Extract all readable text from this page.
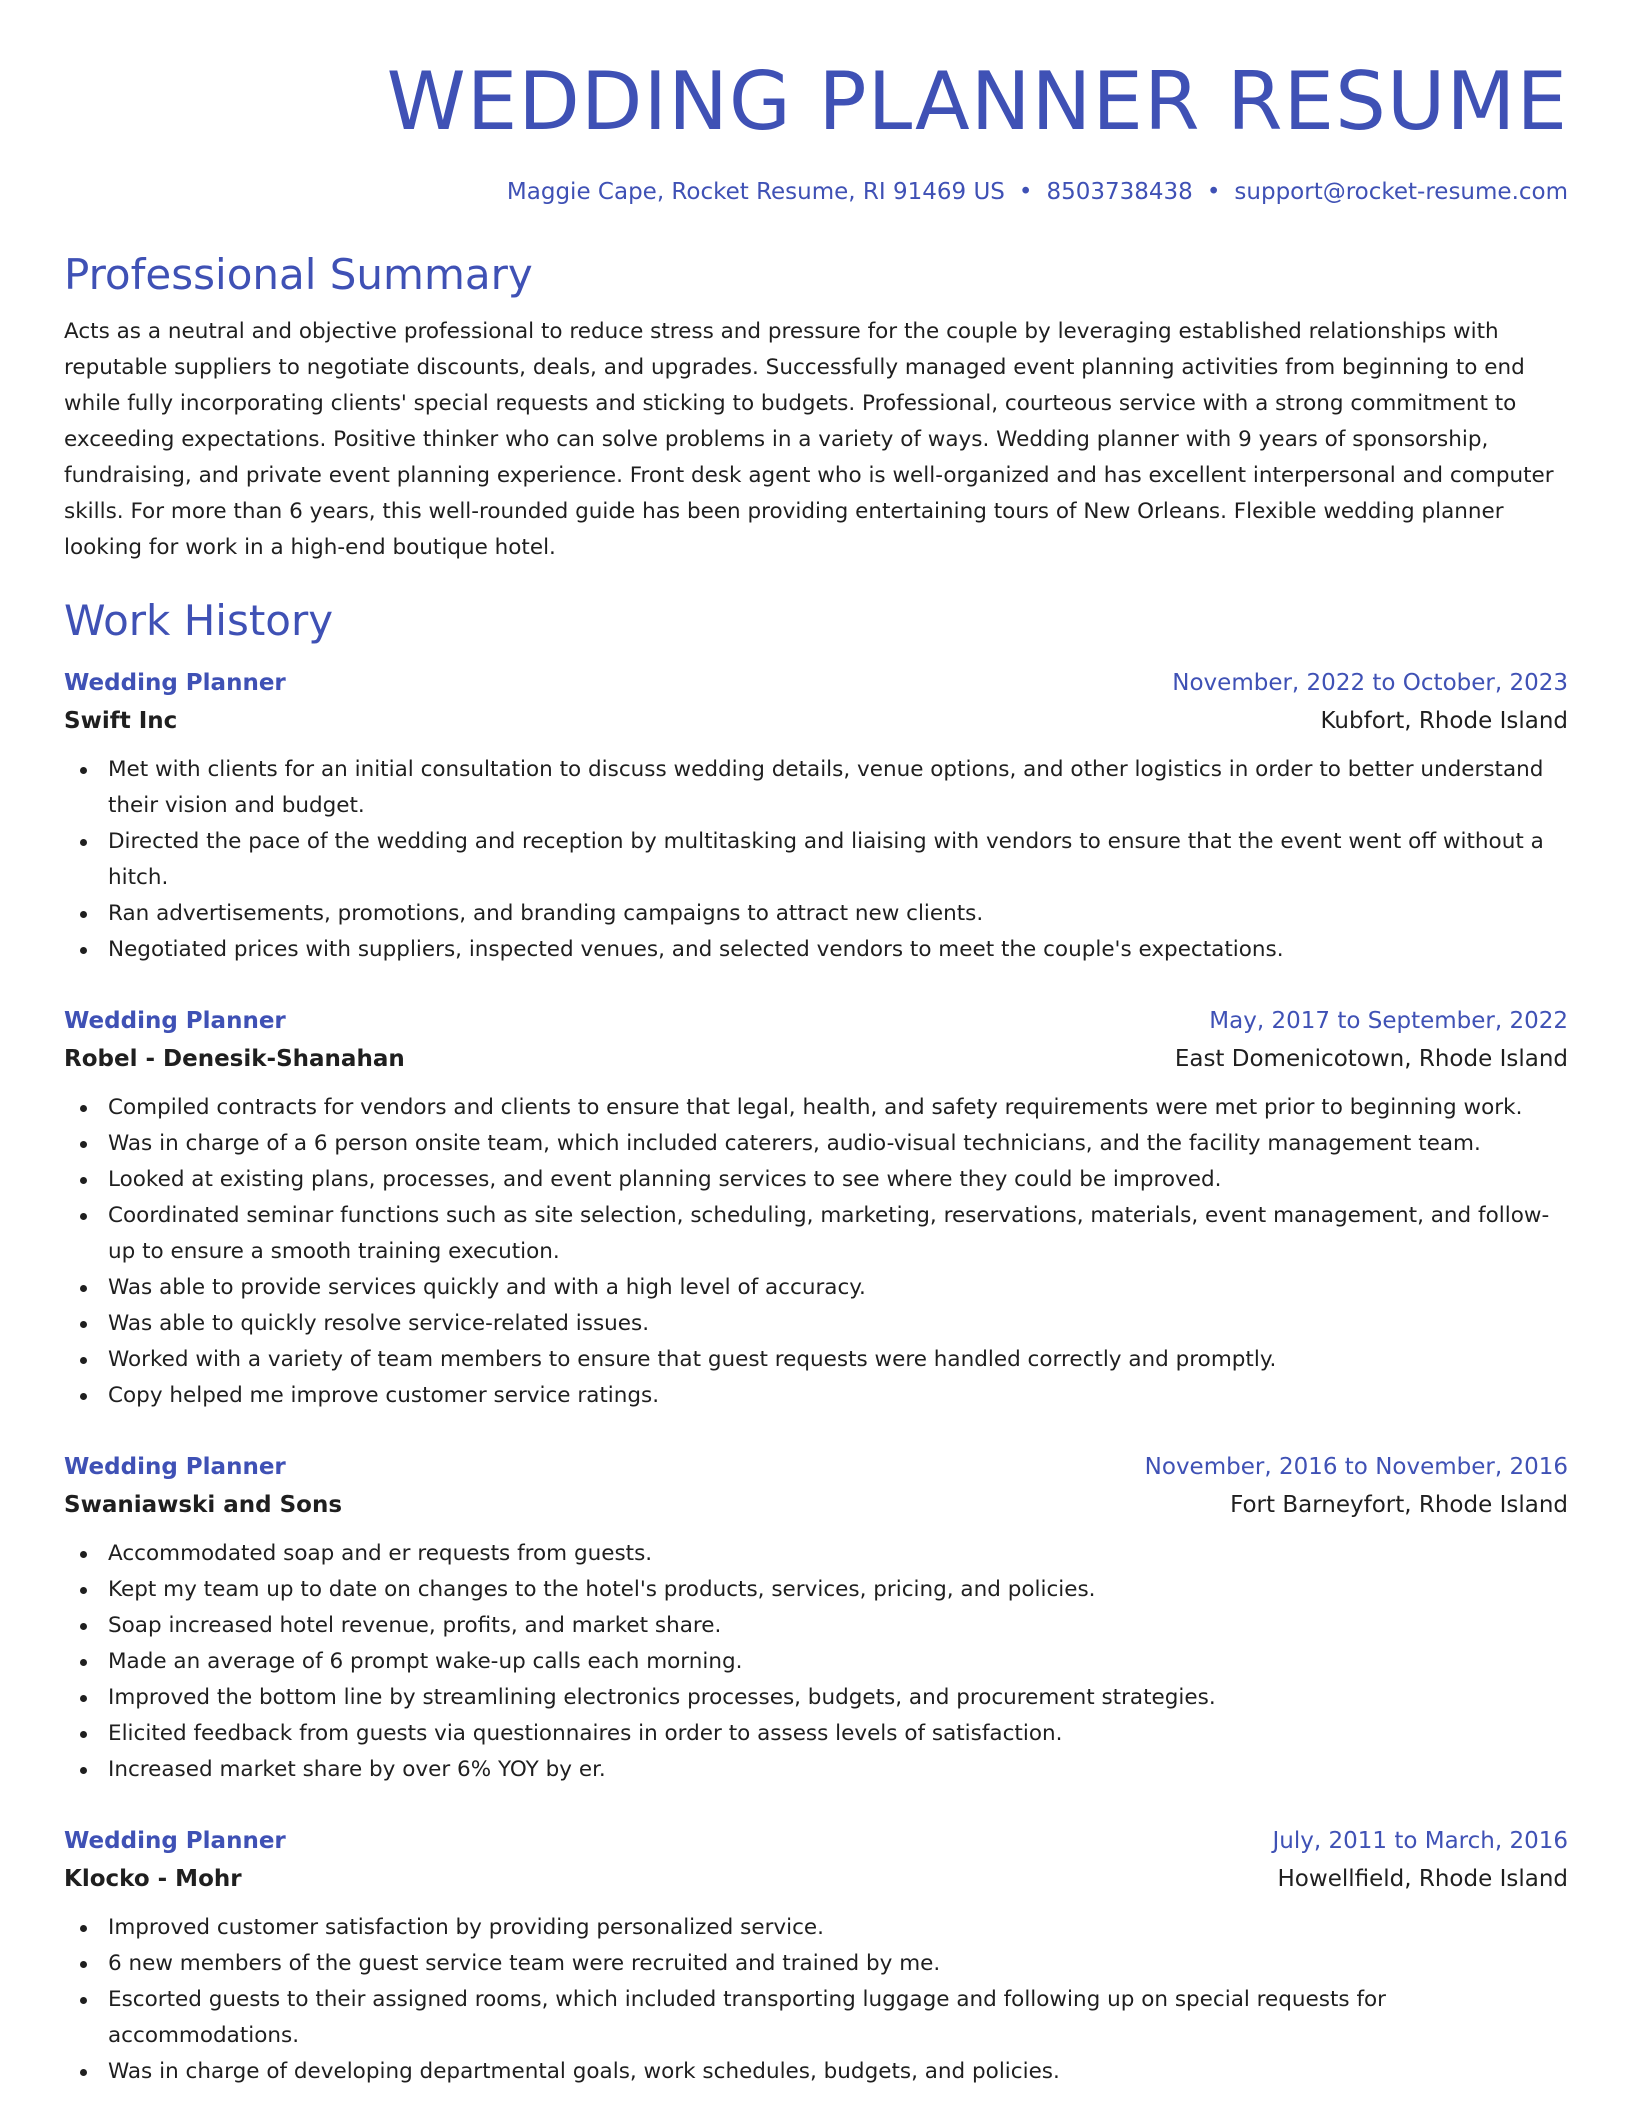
WEDDING PLANNER RESUME
Maggie Cape, Rocket Resume, RI 91469 US • 8503738438 • support@rocket-resume.com
Professional Summary

Acts as a neutral and objective professional to reduce stress and pressure for the couple by leveraging established relationships with reputable suppliers to negotiate discounts, deals, and upgrades. Successfully managed event planning activities from beginning to end while fully incorporating clients' special requests and sticking to budgets. Professional, courteous service with a strong commitment to exceeding expectations. Positive thinker who can solve problems in a variety of ways. Wedding planner with 9 years of sponsorship, fundraising, and private event planning experience. Front desk agent who is well-organized and has excellent interpersonal and computer skills. For more than 6 years, this well-rounded guide has been providing entertaining tours of New Orleans. Flexible wedding planner looking for work in a high-end boutique hotel.

Work History
Wedding Planner	November, 2022 to October, 2023
Swift Inc	Kubfort, Rhode Island
Met with clients for an initial consultation to discuss wedding details, venue options, and other logistics in order to better understand their vision and budget.
Directed the pace of the wedding and reception by multitasking and liaising with vendors to ensure that the event went off without a hitch.
Ran advertisements, promotions, and branding campaigns to attract new clients.
Negotiated prices with suppliers, inspected venues, and selected vendors to meet the couple's expectations.
Wedding Planner	May, 2017 to September, 2022
Robel - Denesik-Shanahan	East Domenicotown, Rhode Island
Compiled contracts for vendors and clients to ensure that legal, health, and safety requirements were met prior to beginning work.
Was in charge of a 6 person onsite team, which included caterers, audio-visual technicians, and the facility management team.
Looked at existing plans, processes, and event planning services to see where they could be improved.
Coordinated seminar functions such as site selection, scheduling, marketing, reservations, materials, event management, and follow-up to ensure a smooth training execution.
Was able to provide services quickly and with a high level of accuracy.
Was able to quickly resolve service-related issues.
Worked with a variety of team members to ensure that guest requests were handled correctly and promptly.
Copy helped me improve customer service ratings.
Wedding Planner	November, 2016 to November, 2016
Swaniawski and Sons	Fort Barneyfort, Rhode Island
Accommodated soap and er requests from guests.
Kept my team up to date on changes to the hotel's products, services, pricing, and policies.
Soap increased hotel revenue, profits, and market share.
Made an average of 6 prompt wake-up calls each morning.
Improved the bottom line by streamlining electronics processes, budgets, and procurement strategies.
Elicited feedback from guests via questionnaires in order to assess levels of satisfaction.
Increased market share by over 6% YOY by er.
Wedding Planner	July, 2011 to March, 2016
Klocko - Mohr	Howellfield, Rhode Island
Improved customer satisfaction by providing personalized service.
6 new members of the guest service team were recruited and trained by me.
Escorted guests to their assigned rooms, which included transporting luggage and following up on special requests for accommodations.
Was in charge of developing departmental goals, work schedules, budgets, and policies.
